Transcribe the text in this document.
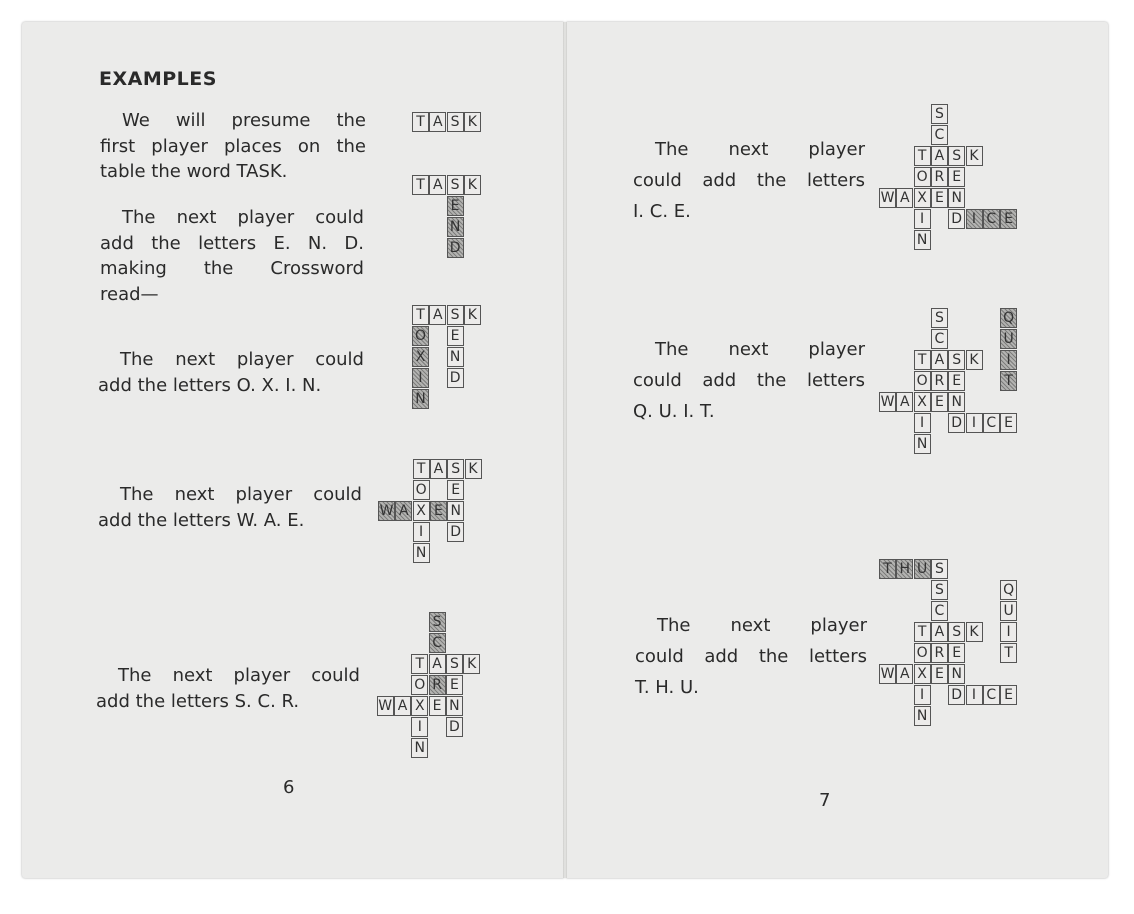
EXAMPLES
We will presume the
first player places on the
table the word TASK.
The next player could
add the letters E. N. D.
making the Crossword
read—
The next player could
add the letters O. X. I. N.
The next player could
add the letters W. A. E.
The next player could
add the letters S. C. R.
6
The next player
could add the letters
I. C. E.
The next player
could add the letters
Q. U. I. T.
The next player
could add the letters
T. H. U.
7
T A S K
T A S K
E
N
D
T A S K
E
N
D
O
X
I
N
T A S K
E
N
D
O
X
I
N
W A E
T A S K
E
N
D
O
X
I
N
W A E
S
C
R
T A S K
E
N
O
X
I
N
W A E
S
C
R
D I C E
T A S K
E
N
O
X
I
N
W A E
S
C
R
D I C E
Q
U
I
T
T A S K
E
N
O
X
I
N
W A E
S
C
R
D I C E
Q
U
I
T
T H U S
